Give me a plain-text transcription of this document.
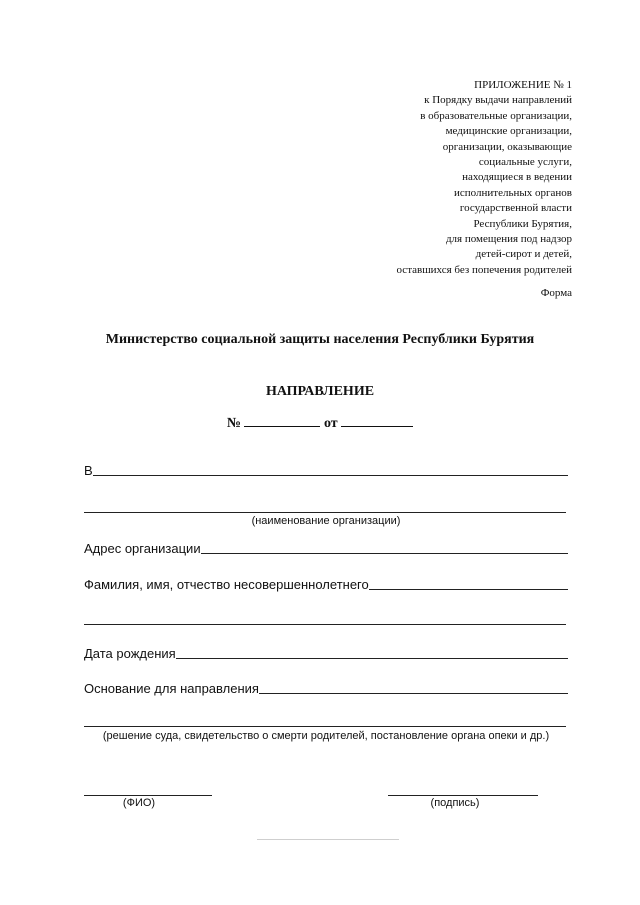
ПРИЛОЖЕНИЕ № 1
к Порядку выдачи направлений
в образовательные организации,
медицинские организации,
организации, оказывающие
социальные услуги,
находящиеся в ведении
исполнительных органов
государственной власти
Республики Бурятия,
для помещения под надзор
детей-сирот и детей,
оставшихся без попечения родителей
Форма
Министерство социальной защиты населения Республики Бурятия
НАПРАВЛЕНИЕ
№	от
В
(наименование организации)
Адрес организации
Фамилия, имя, отчество несовершеннолетнего
Дата рождения
Основание для направления
(решение суда, свидетельство о смерти родителей, постановление органа опеки и др.)
(ФИО)	(подпись)
